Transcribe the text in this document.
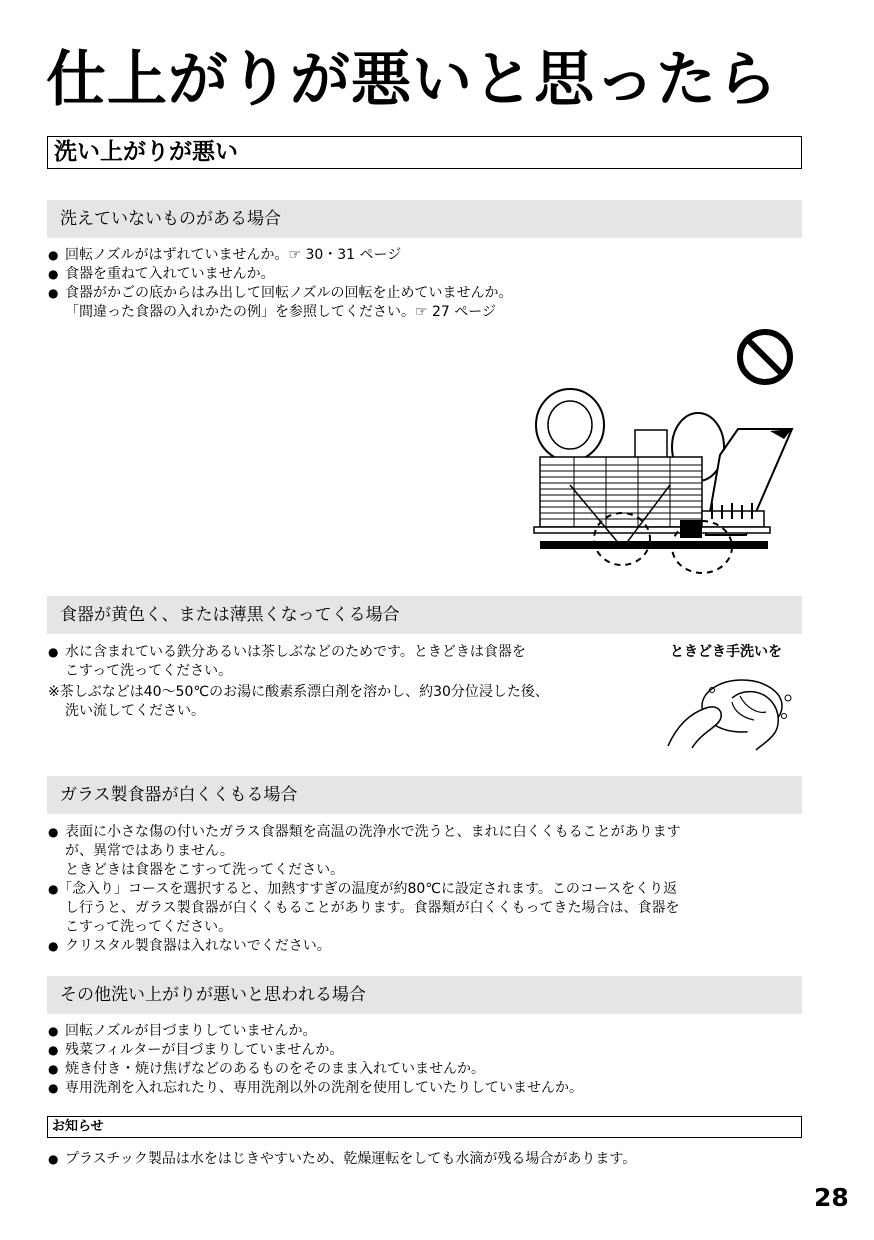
仕上がりが悪いと思ったら
洗い上がりが悪い
洗えていないものがある場合
● 回転ノズルがはずれていませんか。☞ 30・31 ページ
● 食器を重ねて入れていませんか。
● 食器がかごの底からはみ出して回転ノズルの回転を止めていませんか。
「間違った食器の入れかたの例」を参照してください。☞ 27 ページ
食器が黄色く、または薄黒くなってくる場合
● 水に含まれている鉄分あるいは茶しぶなどのためです。ときどきは食器を
こすって洗ってください。
※茶しぶなどは40～50℃のお湯に酸素系漂白剤を溶かし、約30分位浸した後、
洗い流してください。
ときどき手洗いを
ガラス製食器が白くくもる場合
● 表面に小さな傷の付いたガラス食器類を高温の洗浄水で洗うと、まれに白くくもることがあります
が、異常ではありません。
ときどきは食器をこすって洗ってください。
● 「念入り」コースを選択すると、加熱すすぎの温度が約80℃に設定されます。このコースをくり返
し行うと、ガラス製食器が白くくもることがあります。食器類が白くくもってきた場合は、食器を
こすって洗ってください。
● クリスタル製食器は入れないでください。
その他洗い上がりが悪いと思われる場合
● 回転ノズルが目づまりしていませんか。
● 残菜フィルターが目づまりしていませんか。
● 焼き付き・焼け焦げなどのあるものをそのまま入れていませんか。
● 専用洗剤を入れ忘れたり、専用洗剤以外の洗剤を使用していたりしていませんか。
お知らせ
● プラスチック製品は水をはじきやすいため、乾燥運転をしても水滴が残る場合があります。
28
